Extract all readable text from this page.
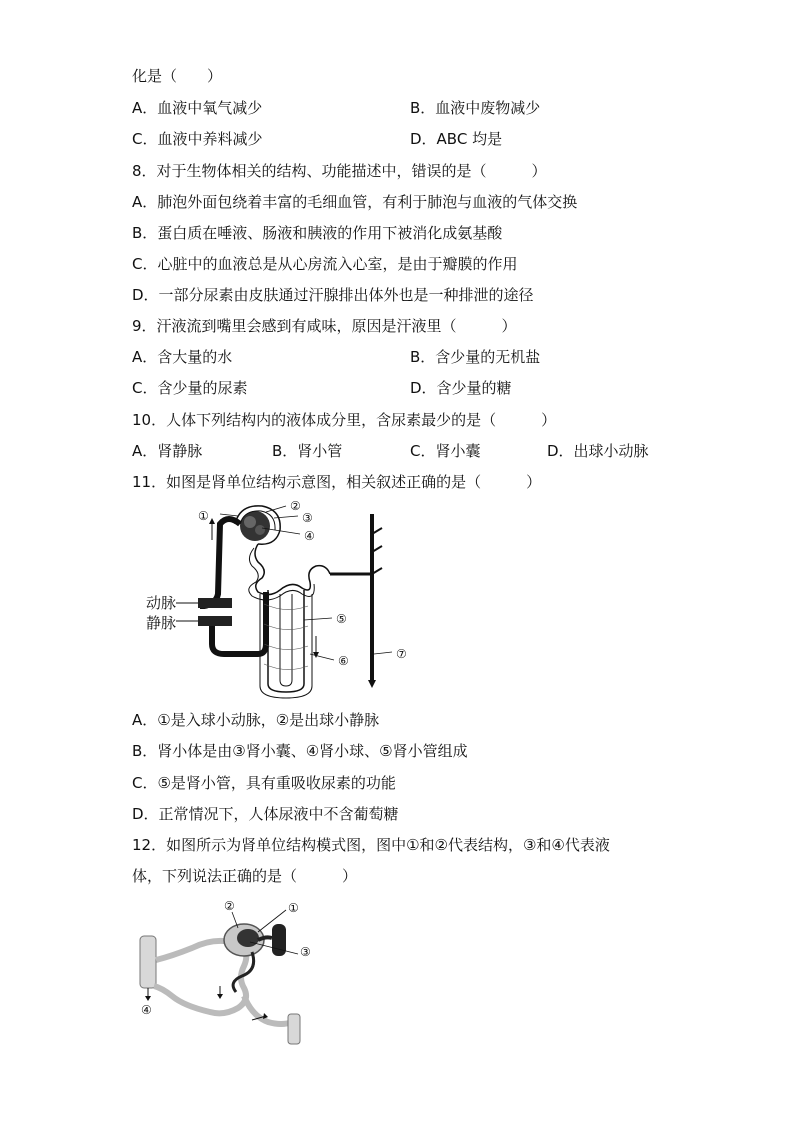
化是（　　）
A．血液中氧气减少	B．血液中废物减少
C．血液中养料减少	D．ABC 均是
8．对于生物体相关的结构、功能描述中，错误的是（　　　）
A．肺泡外面包绕着丰富的毛细血管，有利于肺泡与血液的气体交换
B．蛋白质在唾液、肠液和胰液的作用下被消化成氨基酸
C．心脏中的血液总是从心房流入心室，是由于瓣膜的作用
D．一部分尿素由皮肤通过汗腺排出体外也是一种排泄的途径
9．汗液流到嘴里会感到有咸味，原因是汗液里（　　　）
A．含大量的水	B．含少量的无机盐
C．含少量的尿素	D．含少量的糖
10．人体下列结构内的液体成分里，含尿素最少的是（　　　）
A．肾静脉	B．肾小管	C．肾小囊	D．出球小动脉
11．如图是肾单位结构示意图，相关叙述正确的是（　　　）
①
②
③
④
⑤
⑥	⑦
动脉
静脉
A．①是入球小动脉，②是出球小静脉
B．肾小体是由③肾小囊、④肾小球、⑤肾小管组成
C．⑤是肾小管，具有重吸收尿素的功能
D．正常情况下，人体尿液中不含葡萄糖
12．如图所示为肾单位结构模式图，图中①和②代表结构，③和④代表液
体，下列说法正确的是（　　　）
②	①
③
④
